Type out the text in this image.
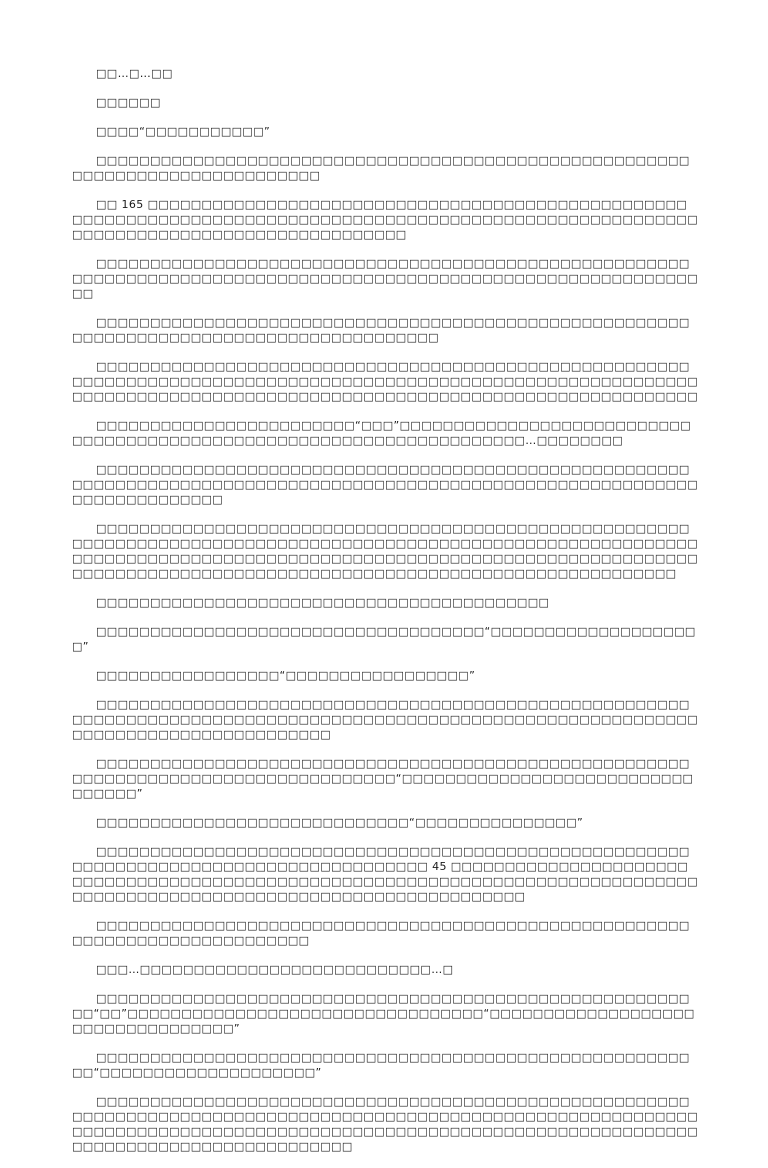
□□…□…□□

□□□□□□

□□□□“□□□□□□□□□□□”

□□□□□□□□□□□□□□□□□□□□□□□□□□□□□□□□□□□□□□□□□□□□□□□□□□□□□□□□□□□□□□□□□□□□□□□□□□□□□□

□□ 165 □□□□□□□□□□□□□□□□□□□□□□□□□□□□□□□□□□□□□□□□□□□□□□□□□□□□□□□□□□□□□□□□□□□□□□□□□□□□□□□□□□□□□□□□□□□□□□□□□□□□□□□□□□□□□□□□□□□□□□□□□□□□□□□□□□□□□□□□□□□

□□□□□□□□□□□□□□□□□□□□□□□□□□□□□□□□□□□□□□□□□□□□□□□□□□□□□□□□□□□□□□□□□□□□□□□□□□□□□□□□□□□□□□□□□□□□□□□□□□□□□□□□□□□□□□□□□□□

□□□□□□□□□□□□□□□□□□□□□□□□□□□□□□□□□□□□□□□□□□□□□□□□□□□□□□□□□□□□□□□□□□□□□□□□□□□□□□□□□□□□□□□□□

□□□□□□□□□□□□□□□□□□□□□□□□□□□□□□□□□□□□□□□□□□□□□□□□□□□□□□□□□□□□□□□□□□□□□□□□□□□□□□□□□□□□□□□□□□□□□□□□□□□□□□□□□□□□□□□□□□□□□□□□□□□□□□□□□□□□□□□□□□□□□□□□□□□□□□□□□□□□□□□□□□□□□□□□□□□

□□□□□□□□□□□□□□□□□□□□□□□□“□□□”□□□□□□□□□□□□□□□□□□□□□□□□□□□□□□□□□□□□□□□□□□□□□□□□□□□□□□□□□□□□□□□□□□□□□…□□□□□□□□

□□□□□□□□□□□□□□□□□□□□□□□□□□□□□□□□□□□□□□□□□□□□□□□□□□□□□□□□□□□□□□□□□□□□□□□□□□□□□□□□□□□□□□□□□□□□□□□□□□□□□□□□□□□□□□□□□□□□□□□□□□□□□□□

□□□□□□□□□□□□□□□□□□□□□□□□□□□□□□□□□□□□□□□□□□□□□□□□□□□□□□□□□□□□□□□□□□□□□□□□□□□□□□□□□□□□□□□□□□□□□□□□□□□□□□□□□□□□□□□□□□□□□□□□□□□□□□□□□□□□□□□□□□□□□□□□□□□□□□□□□□□□□□□□□□□□□□□□□□□□□□□□□□□□□□□□□□□□□□□□□□□□□□□□□□□□□□□□□□□□□□□□□□□□□□□□□□□

□□□□□□□□□□□□□□□□□□□□□□□□□□□□□□□□□□□□□□□□□□

□□□□□□□□□□□□□□□□□□□□□□□□□□□□□□□□□□□□“□□□□□□□□□□□□□□□□□□□□”

□□□□□□□□□□□□□□□□□“□□□□□□□□□□□□□□□□□”

□□□□□□□□□□□□□□□□□□□□□□□□□□□□□□□□□□□□□□□□□□□□□□□□□□□□□□□□□□□□□□□□□□□□□□□□□□□□□□□□□□□□□□□□□□□□□□□□□□□□□□□□□□□□□□□□□□□□□□□□□□□□□□□□□□□□□□□□□

□□□□□□□□□□□□□□□□□□□□□□□□□□□□□□□□□□□□□□□□□□□□□□□□□□□□□□□□□□□□□□□□□□□□□□□□□□□□□□□□□□□□□“□□□□□□□□□□□□□□□□□□□□□□□□□□□□□□□□□”

□□□□□□□□□□□□□□□□□□□□□□□□□□□□□“□□□□□□□□□□□□□□□”

□□□□□□□□□□□□□□□□□□□□□□□□□□□□□□□□□□□□□□□□□□□□□□□□□□□□□□□□□□□□□□□□□□□□□□□□□□□□□□□□□□□□□□□□ 45 □□□□□□□□□□□□□□□□□□□□□□□□□□□□□□□□□□□□□□□□□□□□□□□□□□□□□□□□□□□□□□□□□□□□□□□□□□□□□□□□□□□□□□□□□□□□□□□□□□□□□□□□□□□□□□□□□□□□□□□□□□

□□□□□□□□□□□□□□□□□□□□□□□□□□□□□□□□□□□□□□□□□□□□□□□□□□□□□□□□□□□□□□□□□□□□□□□□□□□□□

□□□…□□□□□□□□□□□□□□□□□□□□□□□□□□□…□

□□□□□□□□□□□□□□□□□□□□□□□□□□□□□□□□□□□□□□□□□□□□□□□□□□□□□□□□□“□□”□□□□□□□□□□□□□□□□□□□□□□□□□□□□□□□□□“□□□□□□□□□□□□□□□□□□□□□□□□□□□□□□□□□□”

□□□□□□□□□□□□□□□□□□□□□□□□□□□□□□□□□□□□□□□□□□□□□□□□□□□□□□□□□“□□□□□□□□□□□□□□□□□□□□”

□□□□□□□□□□□□□□□□□□□□□□□□□□□□□□□□□□□□□□□□□□□□□□□□□□□□□□□□□□□□□□□□□□□□□□□□□□□□□□□□□□□□□□□□□□□□□□□□□□□□□□□□□□□□□□□□□□□□□□□□□□□□□□□□□□□□□□□□□□□□□□□□□□□□□□□□□□□□□□□□□□□□□□□□□□□□□□□□□□□□□□□□□□□□□□□□□□□□□
